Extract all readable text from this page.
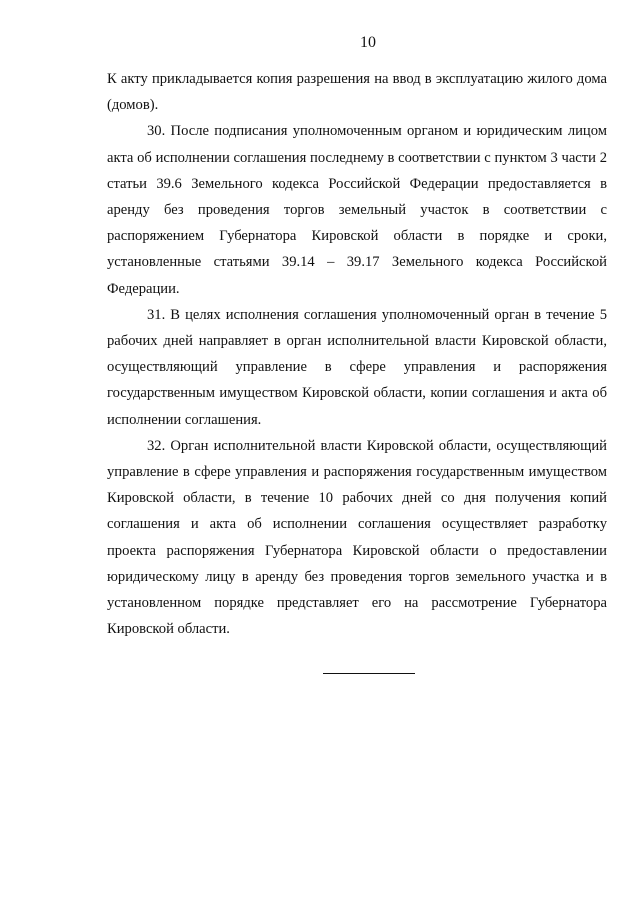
10

К акту прикладывается копия разрешения на ввод в эксплуатацию жилого дома (домов).

30. После подписания уполномоченным органом и юридическим лицом акта об исполнении соглашения последнему в соответствии с пунктом 3 части 2 статьи 39.6 Земельного кодекса Российской Федерации предоставляется в аренду без проведения торгов земельный участок в соответствии с распоряжением Губернатора Кировской области в порядке и сроки, установленные статьями 39.14 – 39.17 Земельного кодекса Российской Федерации.

31. В целях исполнения соглашения уполномоченный орган в течение 5 рабочих дней направляет в орган исполнительной власти Кировской области, осуществляющий управление в сфере управления и распоряжения государственным имуществом Кировской области, копии соглашения и акта об исполнении соглашения.

32. Орган исполнительной власти Кировской области, осуществляющий управление в сфере управления и распоряжения государственным имуществом Кировской области, в течение 10 рабочих дней со дня получения копий соглашения и акта об исполнении соглашения осуществляет разработку проекта распоряжения Губернатора Кировской области о предоставлении юридическому лицу в аренду без проведения торгов земельного участка и в установленном порядке представляет его на рассмотрение Губернатора Кировской области.
